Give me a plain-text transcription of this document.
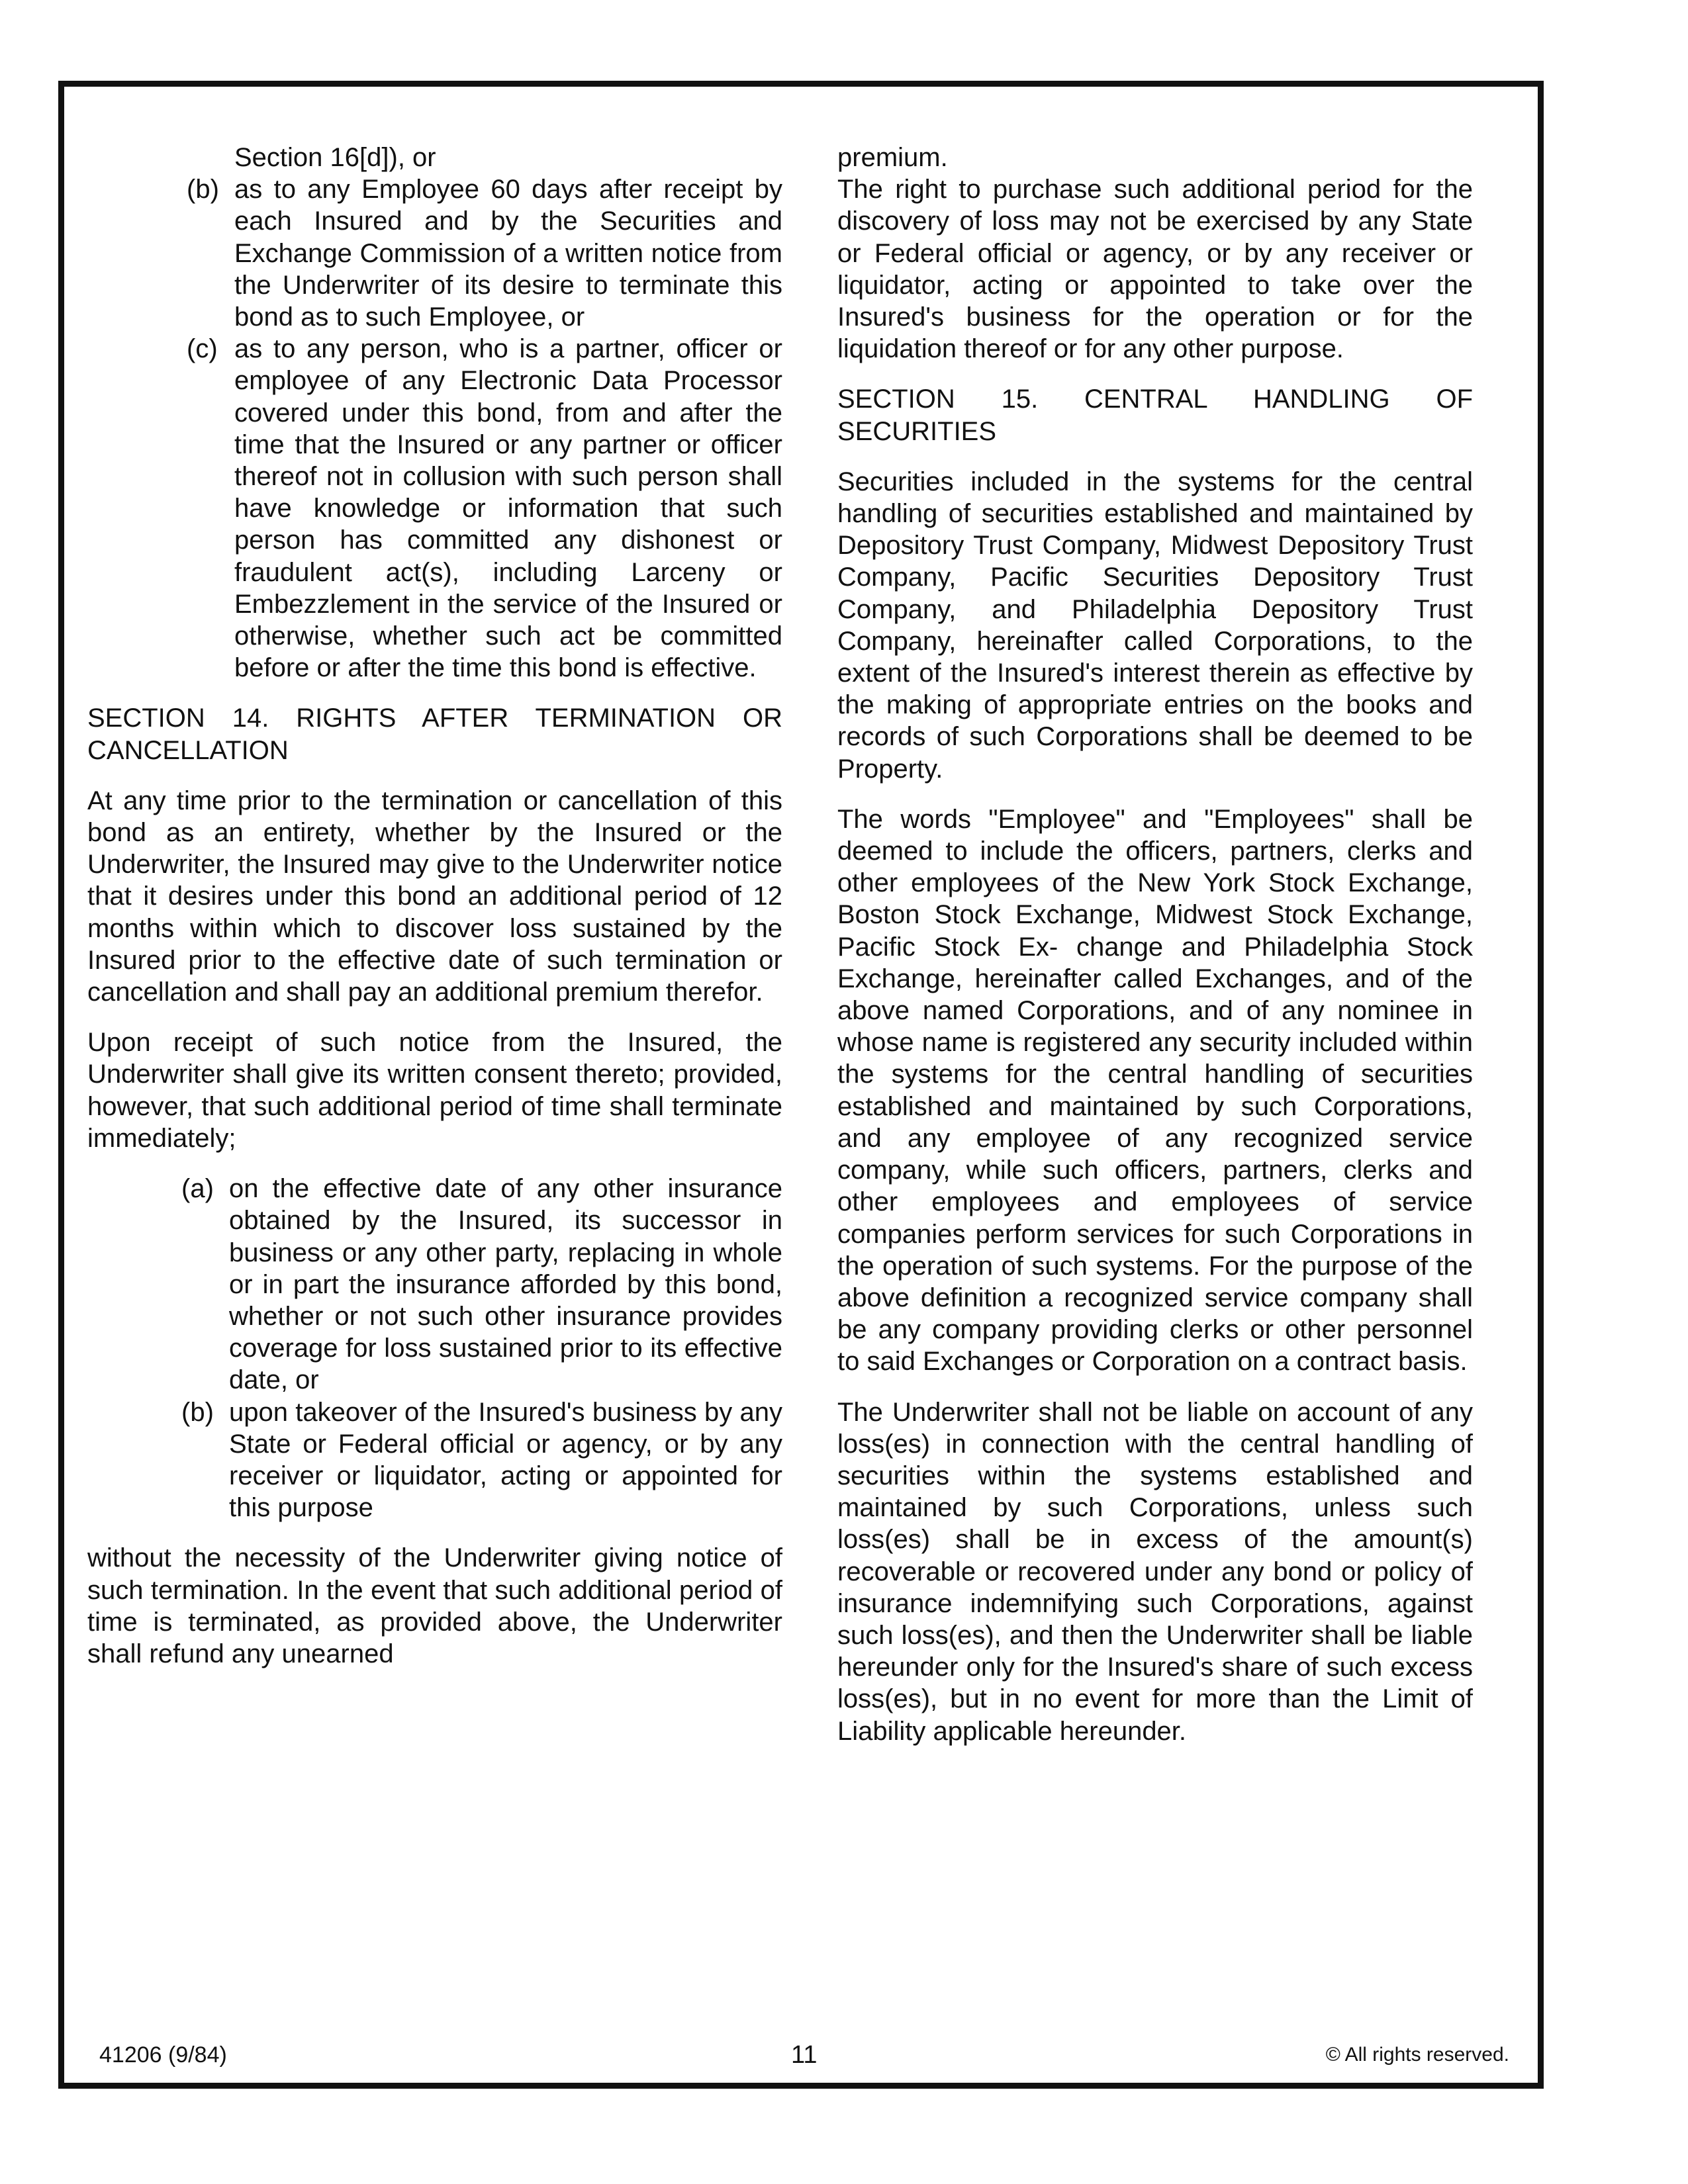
Section 16[d]), or

(b) as to any Employee 60 days after receipt by each Insured and by the Securities and Exchange Commission of a written notice from the Underwriter of its desire to terminate this bond as to such Employee, or
(c) as to any person, who is a partner, officer or employee of any Electronic Data Processor covered under this bond, from and after the time that the Insured or any partner or officer thereof not in collusion with such person shall have knowledge or information that such person has committed any dishonest or fraudulent act(s), including Larceny or Embezzlement in the service of the Insured or otherwise, whether such act be committed before or after the time this bond is effective.

SECTION 14. RIGHTS AFTER TERMINATION OR CANCELLATION

At any time prior to the termination or cancellation of this bond as an entirety, whether by the Insured or the Underwriter, the Insured may give to the Underwriter notice that it desires under this bond an additional period of 12 months within which to discover loss sustained by the Insured prior to the effective date of such termination or cancellation and shall pay an additional premium therefor.

Upon receipt of such notice from the Insured, the Underwriter shall give its written consent thereto; provided, however, that such additional period of time shall terminate immediately;

(a) on the effective date of any other insurance obtained by the Insured, its successor in business or any other party, replacing in whole or in part the insurance afforded by this bond, whether or not such other insurance provides coverage for loss sustained prior to its effective date, or
(b) upon takeover of the Insured's business by any State or Federal official or agency, or by any receiver or liquidator, acting or appointed for this purpose

without the necessity of the Underwriter giving notice of such termination. In the event that such additional period of time is terminated, as provided above, the Underwriter shall refund any unearned

premium.

The right to purchase such additional period for the discovery of loss may not be exercised by any State or Federal official or agency, or by any receiver or liquidator, acting or appointed to take over the Insured's business for the operation or for the liquidation thereof or for any other purpose.

SECTION 15. CENTRAL HANDLING OF SECURITIES

Securities included in the systems for the central handling of securities established and maintained by Depository Trust Company, Midwest Depository Trust Company, Pacific Securities Depository Trust Company, and Philadelphia Depository Trust Company, hereinafter called Corporations, to the extent of the Insured's interest therein as effective by the making of appropriate entries on the books and records of such Corporations shall be deemed to be Property.

The words "Employee" and "Employees" shall be deemed to include the officers, partners, clerks and other employees of the New York Stock Exchange, Boston Stock Exchange, Midwest Stock Exchange, Pacific Stock Ex- change and Philadelphia Stock Exchange, hereinafter called Exchanges, and of the above named Corporations, and of any nominee in whose name is registered any security included within the systems for the central handling of securities established and maintained by such Corporations, and any employee of any recognized service company, while such officers, partners, clerks and other employees and employees of service companies perform services for such Corporations in the operation of such systems. For the purpose of the above definition a recognized service company shall be any company providing clerks or other personnel to said Exchanges or Corporation on a contract basis.

The Underwriter shall not be liable on account of any loss(es) in connection with the central handling of securities within the systems established and maintained by such Corporations, unless such loss(es) shall be in excess of the amount(s) recoverable or recovered under any bond or policy of insurance indemnifying such Corporations, against such loss(es), and then the Underwriter shall be liable hereunder only for the Insured's share of such excess loss(es), but in no event for more than the Limit of Liability applicable hereunder.

41206 (9/84)	11	© All rights reserved.
